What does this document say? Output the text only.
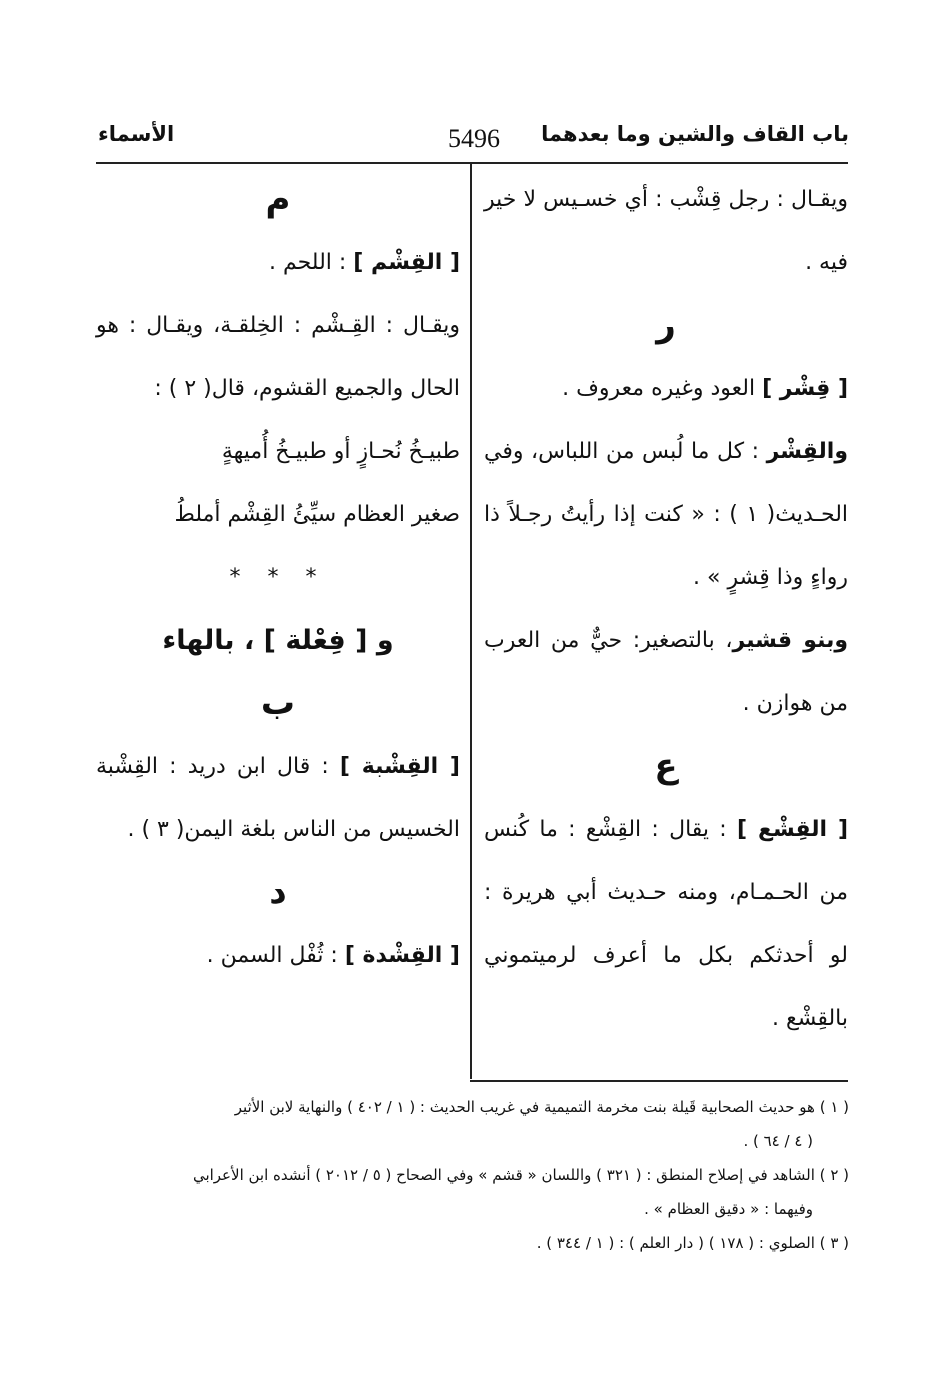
باب القاف والشين وما بعدهما
5496
الأسماء

ويقـال : رجل قِشْب : أي خسـيس لا خير فيه .

ر

[ قِشْر ] العود وغيره معروف .

والقِشْر : كل ما لُبس من اللباس، وفي الحـديث( ١ ) : « كنت إذا رأيتُ رجـلاً ذا رواءٍ وذا قِشرٍ » .

وبنو قشير، بالتصغير: حيٌّ من العرب من هوازن .

ع

[ القِشْع ] : يقال : القِشْع : ما كُنس من الحـمـام، ومنه حـديث أبي هريرة : لو أحدثكم بكل ما أعرف لرميتموني بالقِشْع .

م

[ القِشْم ] : اللحم .

ويقـال : القِـشْم : الخِلقـة، ويقـال : هو الحال والجميع القشوم، قال( ٢ ) :

طبيـخُ نُحـازٍ أو طبيـخُ أُميهةٍ

صغير العظام سيِّئُ القِشْم أملطُ

* * *

و [ فِعْلة ] ، بالهاء

ب

[ القِشْبة ] : قال ابن دريد : القِشْبة الخسيس من الناس بلغة اليمن( ٣ ) .

د

[ القِشْدة ] : ثُفْل السمن .

( ١ ) هو حديث الصحابية قَيلة بنت مخرمة التميمية في غريب الحديث : ( ١ / ٤٠٢ ) والنهاية لابن الأثير

( ٤ / ٦٤ ) .

( ٢ ) الشاهد في إصلاح المنطق : ( ٣٢١ ) واللسان « قشم » وفي الصحاح ( ٥ / ٢٠١٢ ) أنشده ابن الأعرابي

وفيهما : « دقيق العظام » .

( ٣ ) الصلوي : ( ١٧٨ ) ( دار العلم ) : ( ١ / ٣٤٤ ) .
